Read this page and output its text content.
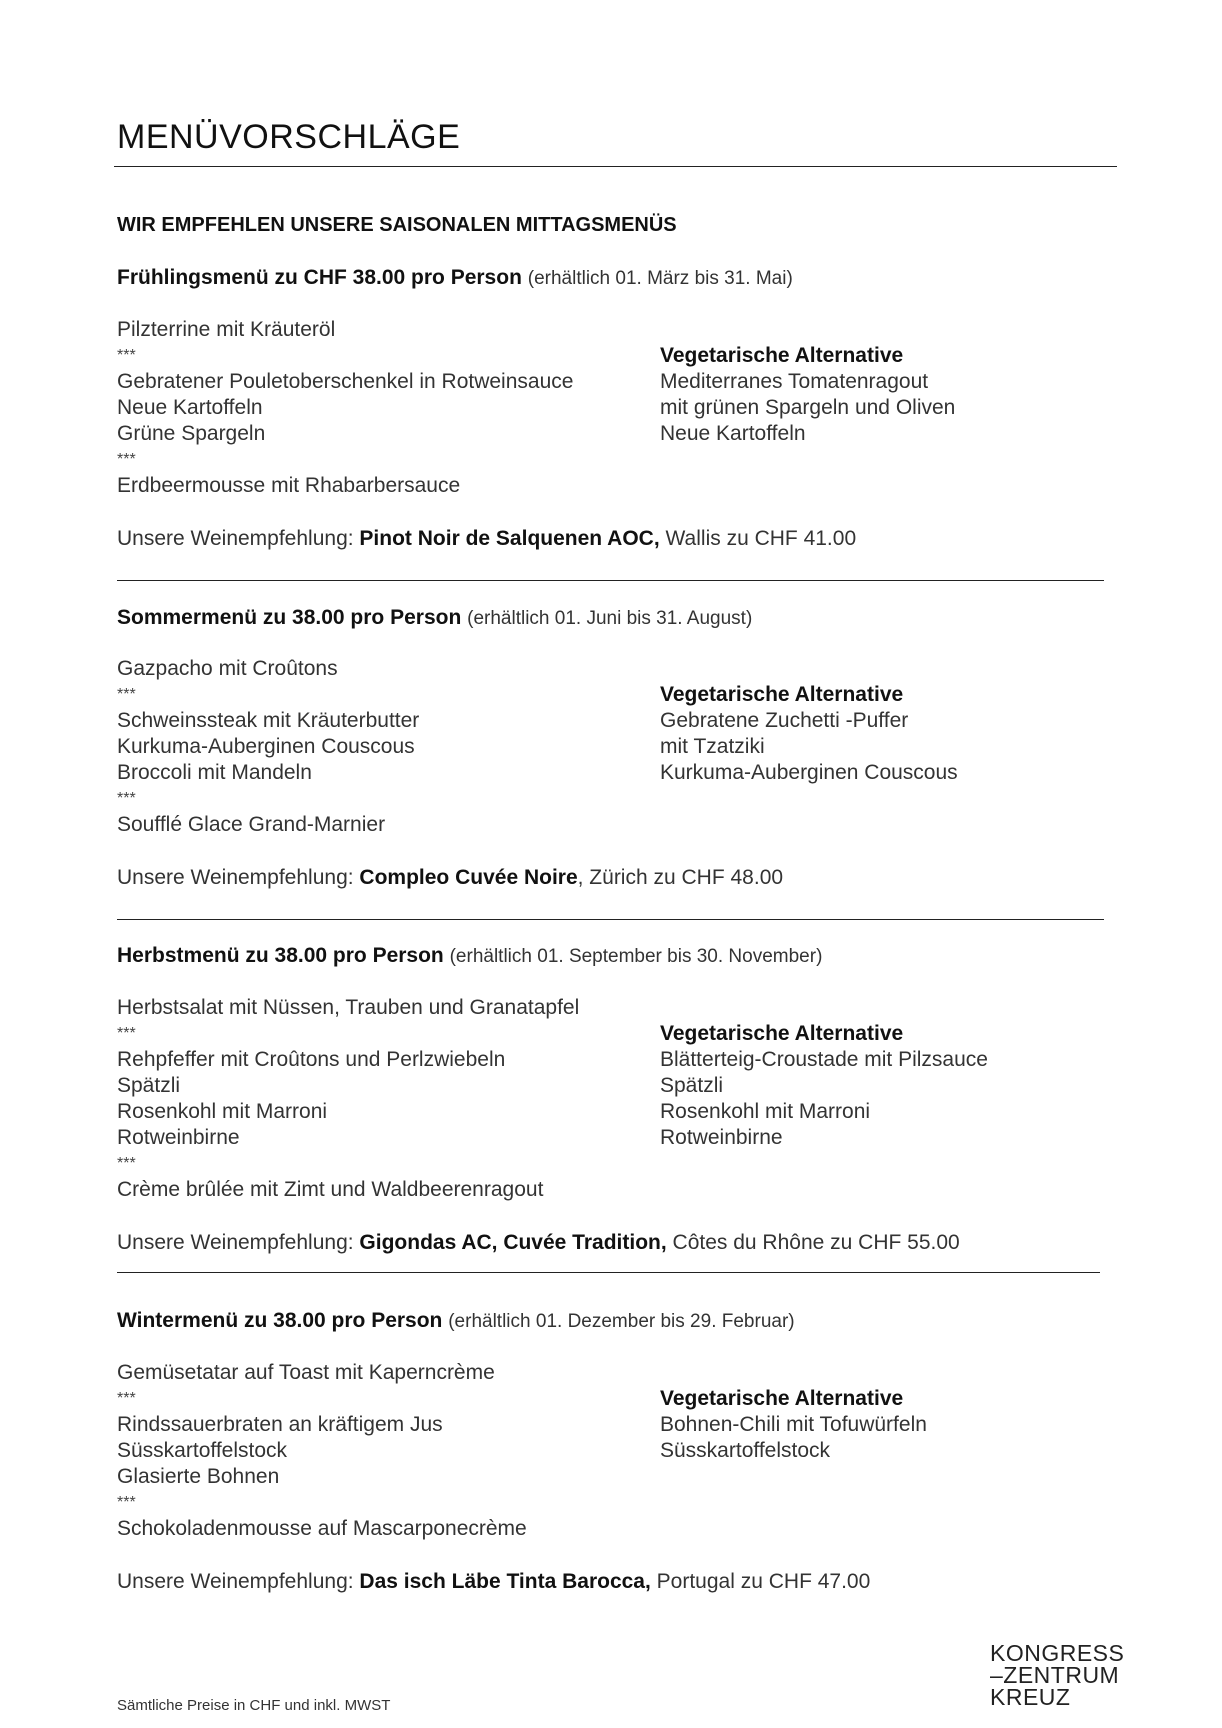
MENÜVORSCHLÄGE
WIR EMPFEHLEN UNSERE SAISONALEN MITTAGSMENÜS
Frühlingsmenü zu CHF 38.00 pro Person (erhältlich 01. März bis 31. Mai)
Pilzterrine mit Kräuteröl
***
Gebratener Pouletoberschenkel in Rotweinsauce
Neue Kartoffeln
Grüne Spargeln
***
Erdbeermousse mit Rhabarbersauce
Vegetarische Alternative
Mediterranes Tomatenragout
mit grünen Spargeln und Oliven
Neue Kartoffeln
Unsere Weinempfehlung: Pinot Noir de Salquenen AOC, Wallis zu CHF 41.00
Sommermenü zu 38.00 pro Person (erhältlich 01. Juni bis 31. August)
Gazpacho mit Croûtons
***
Schweinssteak mit Kräuterbutter
Kurkuma-Auberginen Couscous
Broccoli mit Mandeln
***
Soufflé Glace Grand-Marnier
Vegetarische Alternative
Gebratene Zuchetti -Puffer
mit Tzatziki
Kurkuma-Auberginen Couscous
Unsere Weinempfehlung: Compleo Cuvée Noire, Zürich zu CHF 48.00
Herbstmenü zu 38.00 pro Person (erhältlich 01. September bis 30. November)
Herbstsalat mit Nüssen, Trauben und Granatapfel
***
Rehpfeffer mit Croûtons und Perlzwiebeln
Spätzli
Rosenkohl mit Marroni
Rotweinbirne
***
Crème brûlée mit Zimt und Waldbeerenragout
Vegetarische Alternative
Blätterteig-Croustade mit Pilzsauce
Spätzli
Rosenkohl mit Marroni
Rotweinbirne
Unsere Weinempfehlung: Gigondas AC, Cuvée Tradition, Côtes du Rhône zu CHF 55.00
Wintermenü zu 38.00 pro Person (erhältlich 01. Dezember bis 29. Februar)
Gemüsetatar auf Toast mit Kaperncrème
***
Rindssauerbraten an kräftigem Jus
Süsskartoffelstock
Glasierte Bohnen
***
Schokoladenmousse auf Mascarponecrème
Vegetarische Alternative
Bohnen-Chili mit Tofuwürfeln
Süsskartoffelstock
Unsere Weinempfehlung: Das isch Läbe Tinta Barocca, Portugal zu CHF 47.00
Sämtliche Preise in CHF und inkl. MWST
KONGRESS
–ZENTRUM
KREUZ
